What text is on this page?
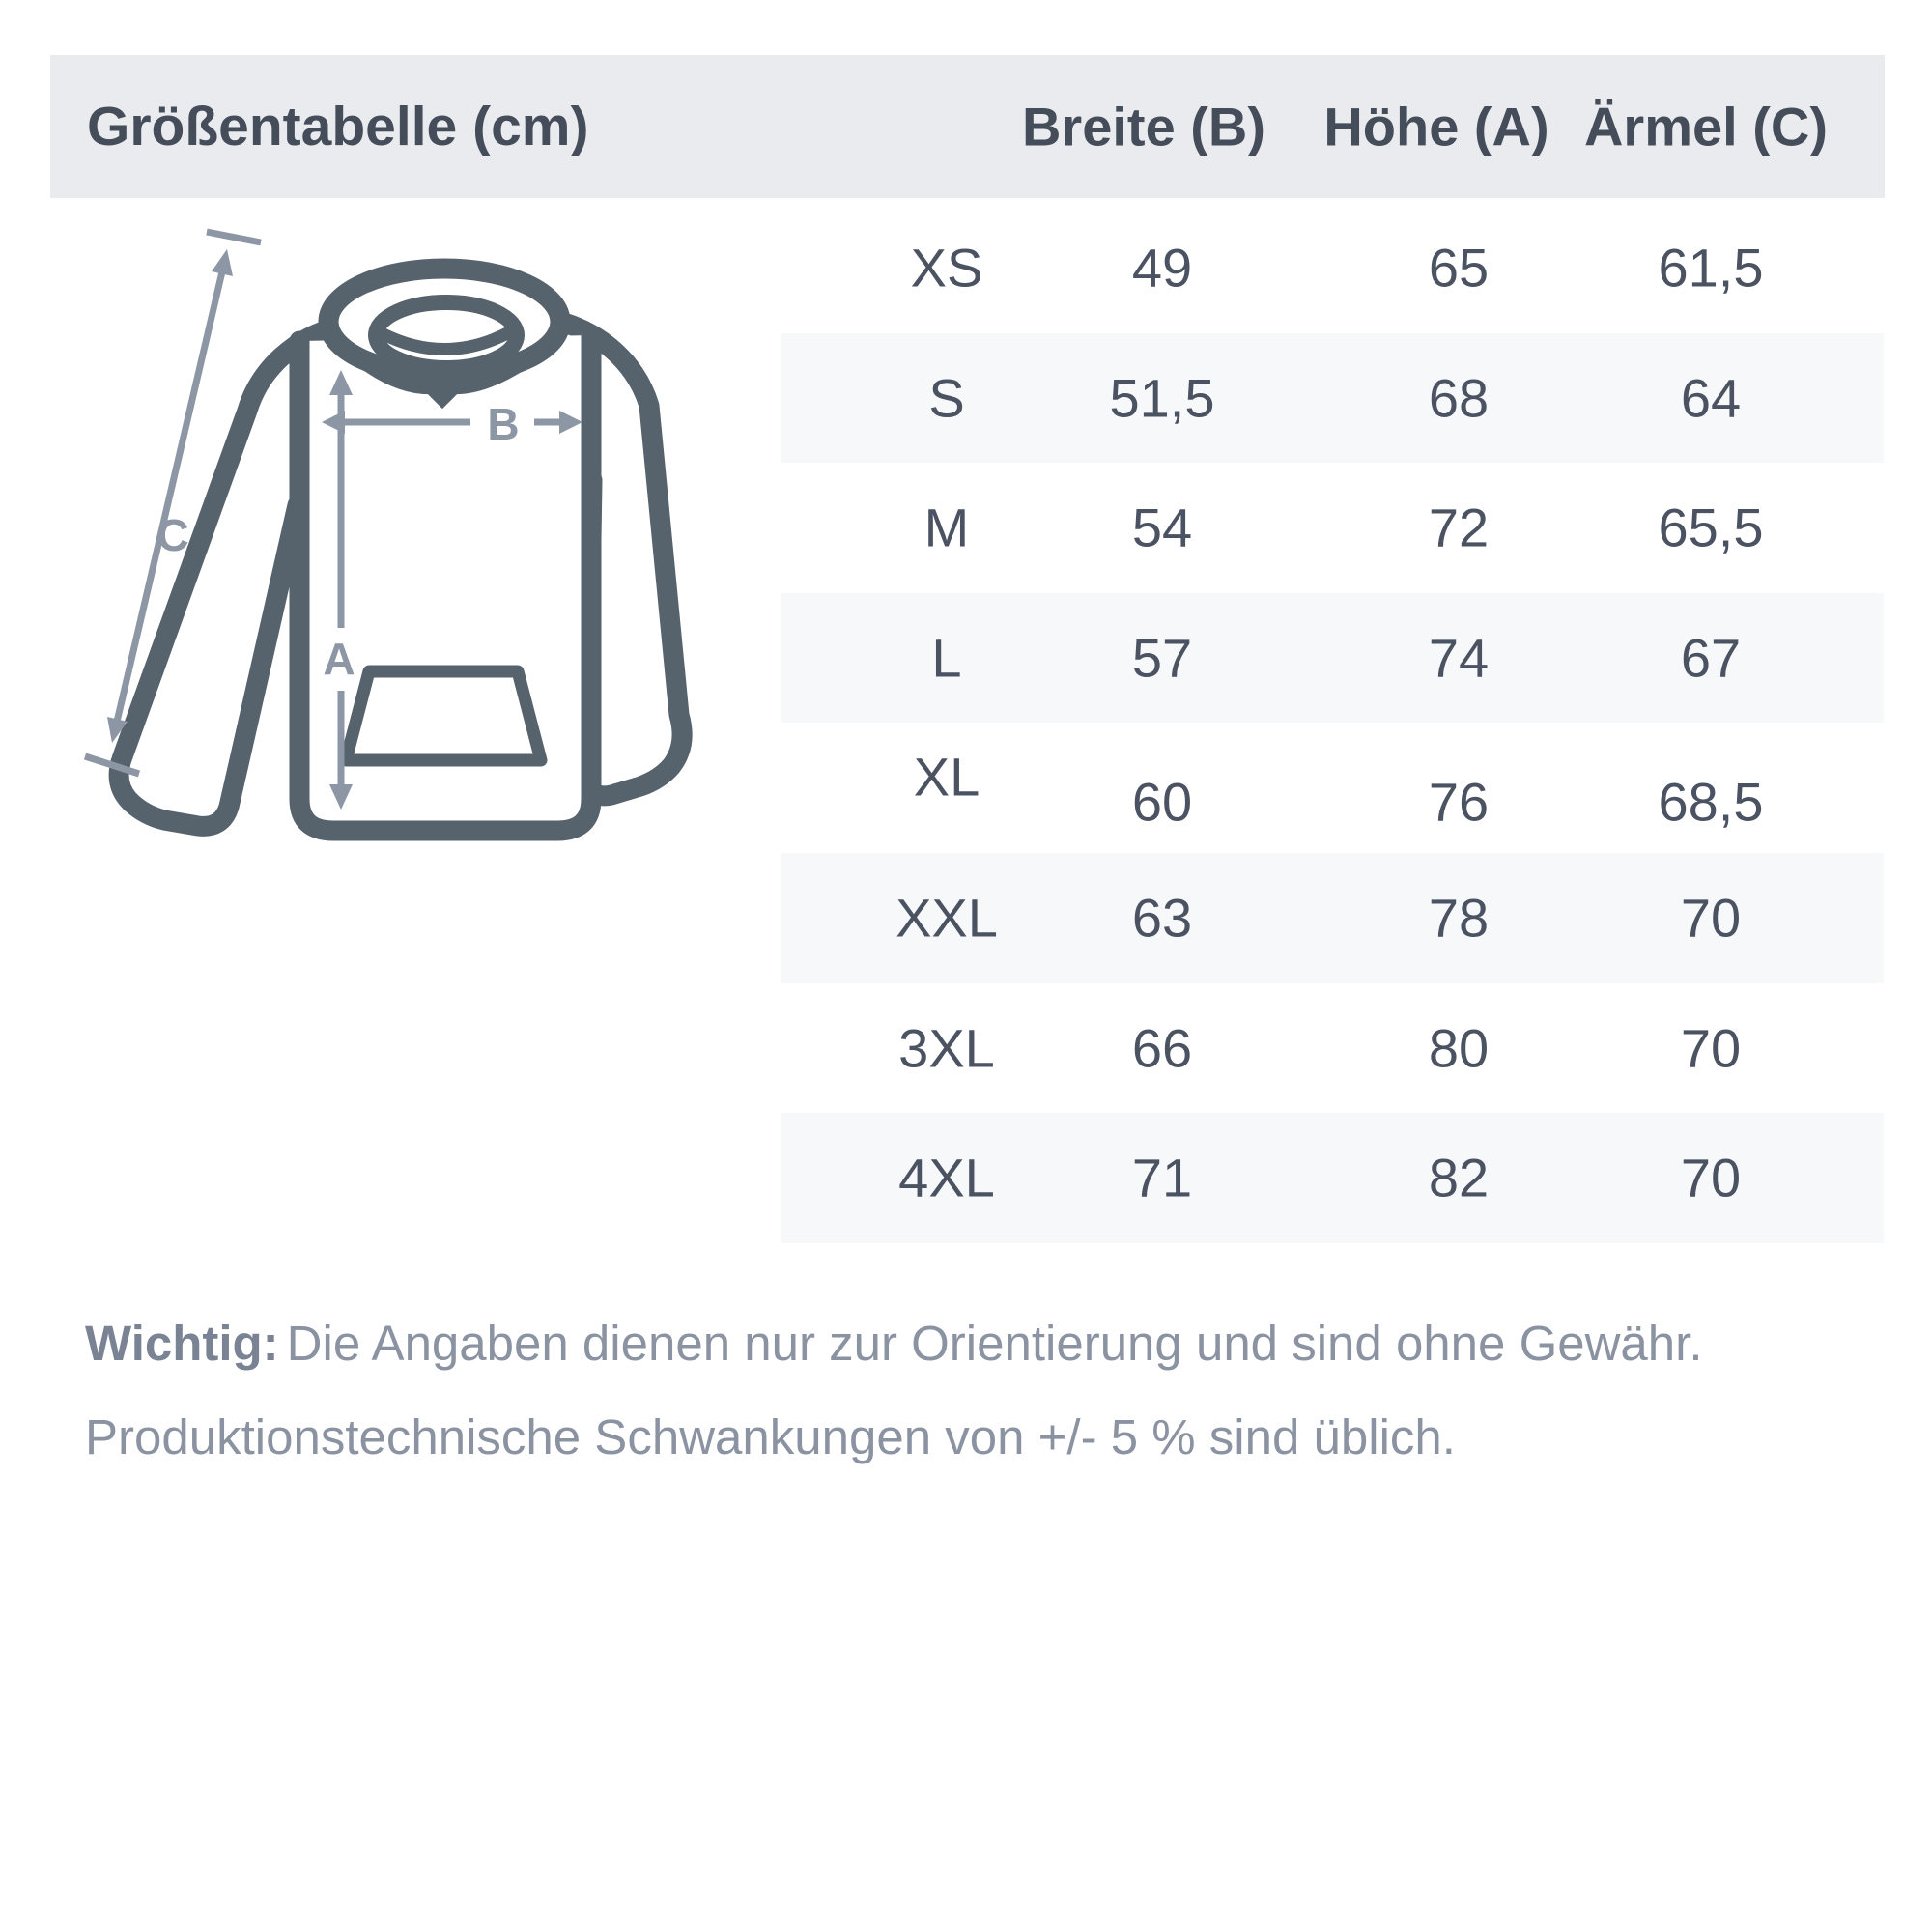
Größentabelle (cm)	Breite (B) Höhe (A) Ärmel (C)
A
B
C
XS	49	65	61,5
S	51,5	68	64
M	54	72	65,5
L	57	74	67
XL	60	76	68,5
XXL 63	78	70
3XL	66	80	70
4XL	71	82	70
Wichtig: Die Angaben dienen nur zur Orientierung und sind ohne Gewähr.
Produktionstechnische Schwankungen von +/- 5 % sind üblich.
